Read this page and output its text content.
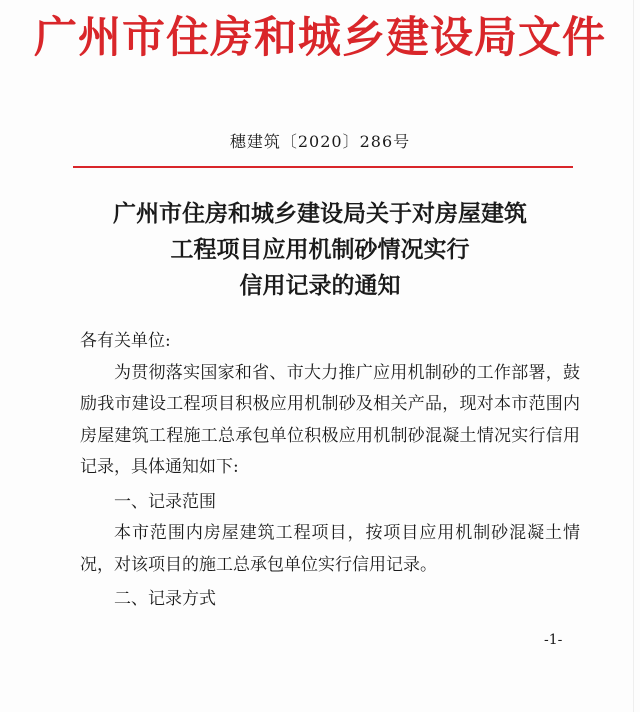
广州市住房和城乡建设局文件
穗建筑〔2020〕286号
广州市住房和城乡建设局关于对房屋建筑
工程项目应用机制砂情况实行
信用记录的通知

各有关单位:

为贯彻落实国家和省、市大力推广应用机制砂的工作部署，鼓励我市建设工程项目积极应用机制砂及相关产品，现对本市范围内房屋建筑工程施工总承包单位积极应用机制砂混凝土情况实行信用记录，具体通知如下:

一、记录范围

本市范围内房屋建筑工程项目，按项目应用机制砂混凝土情况，对该项目的施工总承包单位实行信用记录。

二、记录方式

-1-
